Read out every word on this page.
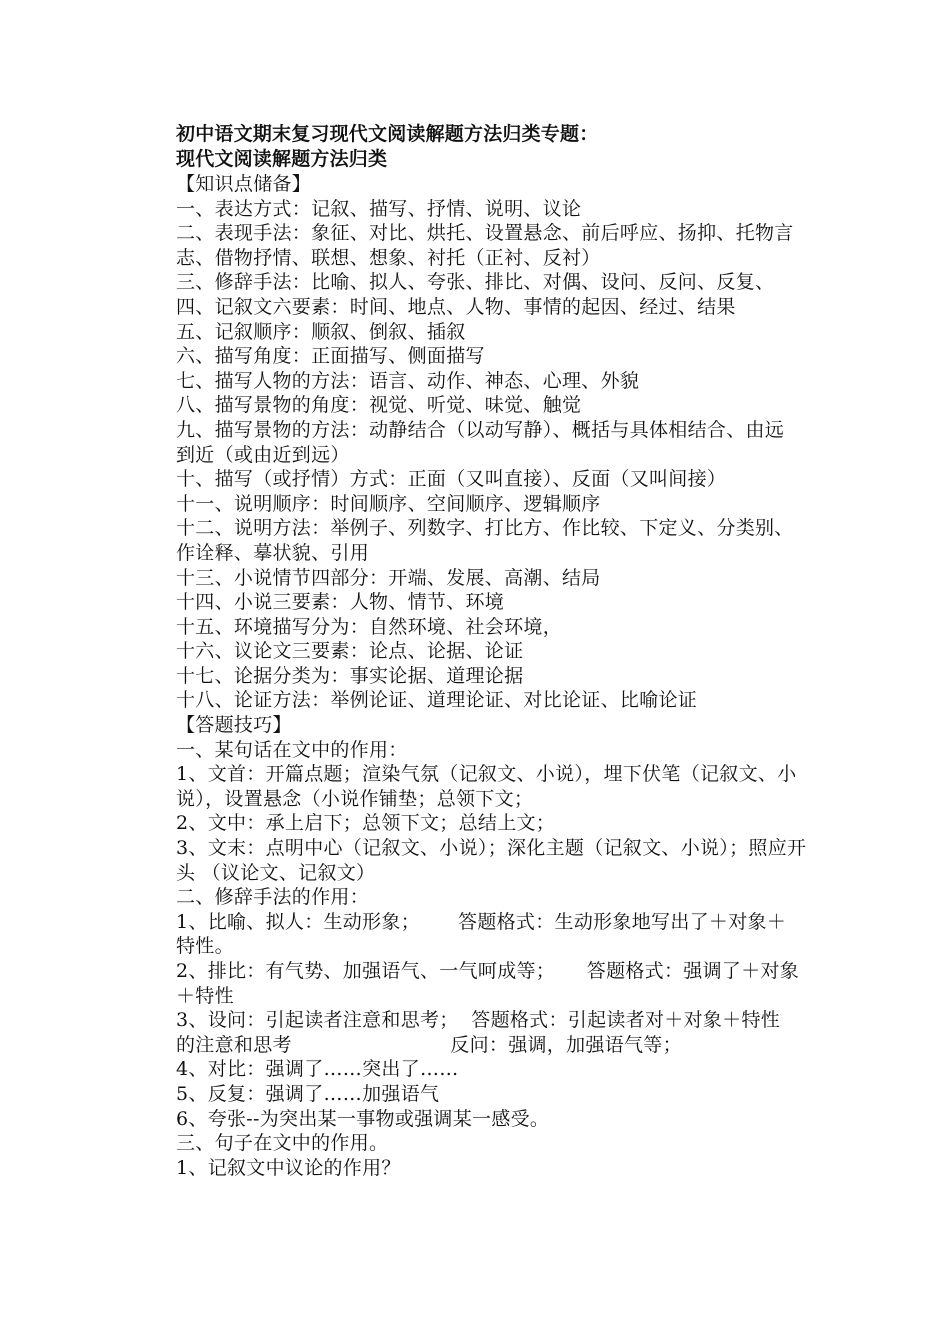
初中语文期末复习现代文阅读解题方法归类专题：
现代文阅读解题方法归类
【知识点储备】
一、表达方式：记叙、描写、抒情、说明、议论
二、表现手法：象征、对比、烘托、设置悬念、前后呼应、扬抑、托物言
志、借物抒情、联想、想象、衬托（正衬、反衬）
三、修辞手法：比喻、拟人、夸张、排比、对偶、设问、反问、反复、
四、记叙文六要素：时间、地点、人物、事情的起因、经过、结果
五、记叙顺序：顺叙、倒叙、插叙
六、描写角度：正面描写、侧面描写
七、描写人物的方法：语言、动作、神态、心理、外貌
八、描写景物的角度：视觉、听觉、味觉、触觉
九、描写景物的方法：动静结合（以动写静）、概括与具体相结合、由远
到近（或由近到远）
十、描写（或抒情）方式：正面（又叫直接）、反面（又叫间接）
十一、说明顺序：时间顺序、空间顺序、逻辑顺序
十二、说明方法：举例子、列数字、打比方、作比较、下定义、分类别、
作诠释、摹状貌、引用
十三、小说情节四部分：开端、发展、高潮、结局
十四、小说三要素：人物、情节、环境
十五、环境描写分为：自然环境、社会环境，
十六、议论文三要素：论点、论据、论证
十七、论据分类为：事实论据、道理论据
十八、论证方法：举例论证、道理论证、对比论证、比喻论证
【答题技巧】
一、某句话在文中的作用：
1、文首：开篇点题；渲染气氛（记叙文、小说），埋下伏笔（记叙文、小
说），设置悬念（小说作铺垫；总领下文；
2、文中：承上启下；总领下文；总结上文；
3、文末：点明中心（记叙文、小说）；深化主题（记叙文、小说）；照应开
头 （议论文、记叙文）
二、修辞手法的作用：
1、比喻、拟人：生动形象；      答题格式：生动形象地写出了＋对象＋
特性。
2、排比：有气势、加强语气、一气呵成等；     答题格式：强调了＋对象
＋特性
3、设问：引起读者注意和思考；  答题格式：引起读者对＋对象＋特性
的注意和思考                         反问：强调，加强语气等；
4、对比：强调了……突出了……
5、反复：强调了……加强语气
6、夸张--为突出某一事物或强调某一感受。
三、句子在文中的作用。
1、记叙文中议论的作用？
